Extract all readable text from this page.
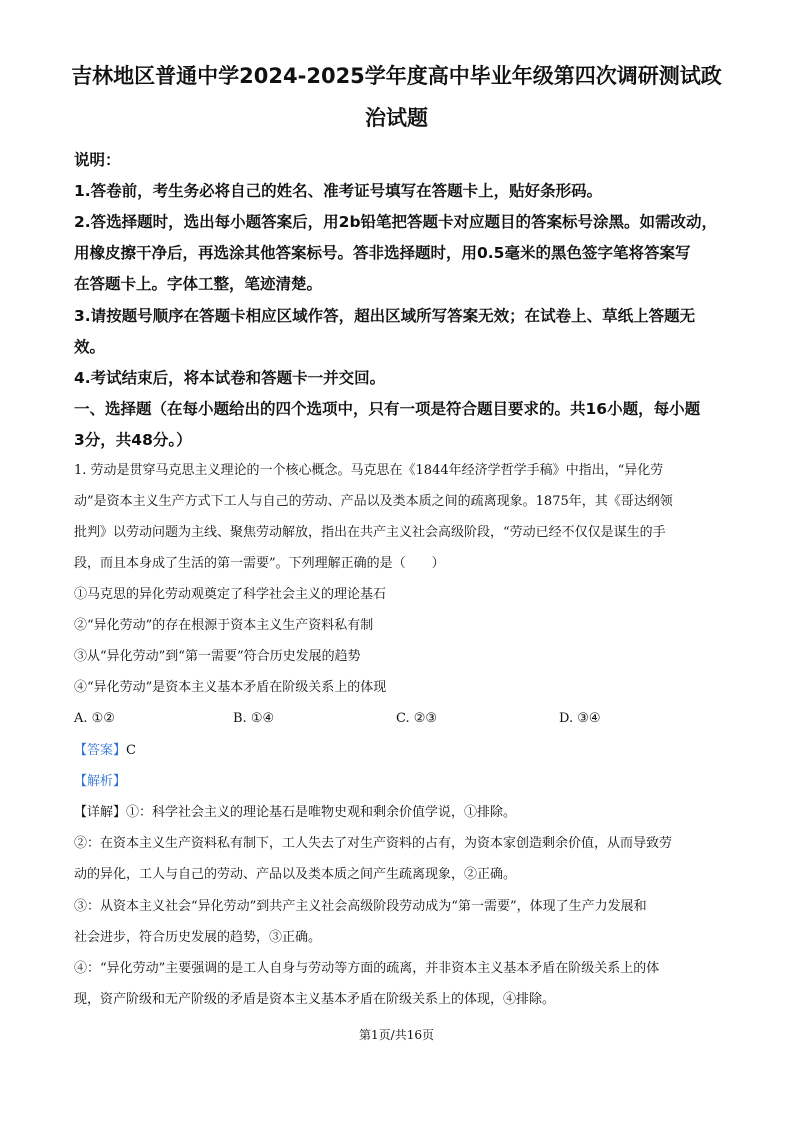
吉林地区普通中学2024-2025学年度高中毕业年级第四次调研测试政
治试题
说明：
1.答卷前，考生务必将自己的姓名、准考证号填写在答题卡上，贴好条形码。
2.答选择题时，选出每小题答案后，用2b铅笔把答题卡对应题目的答案标号涂黑。如需改动，
用橡皮擦干净后，再选涂其他答案标号。答非选择题时，用0.5毫米的黑色签字笔将答案写
在答题卡上。字体工整，笔迹清楚。
3.请按题号顺序在答题卡相应区域作答，超出区域所写答案无效；在试卷上、草纸上答题无
效。
4.考试结束后，将本试卷和答题卡一并交回。
一、选择题（在每小题给出的四个选项中，只有一项是符合题目要求的。共16小题，每小题
3分，共48分。）
1. 劳动是贯穿马克思主义理论的一个核心概念。马克思在《1844年经济学哲学手稿》中指出，“异化劳
动”是资本主义生产方式下工人与自己的劳动、产品以及类本质之间的疏离现象。1875年，其《哥达纲领
批判》以劳动问题为主线、聚焦劳动解放，指出在共产主义社会高级阶段，“劳动已经不仅仅是谋生的手
段，而且本身成了生活的第一需要”。下列理解正确的是（　　）
①马克思的异化劳动观奠定了科学社会主义的理论基石
②“异化劳动”的存在根源于资本主义生产资料私有制
③从“异化劳动”到“第一需要”符合历史发展的趋势
④“异化劳动”是资本主义基本矛盾在阶级关系上的体现
A. ①②	B. ①④	C. ②③	D. ③④
【答案】C
【解析】
【详解】①：科学社会主义的理论基石是唯物史观和剩余价值学说，①排除。
②：在资本主义生产资料私有制下，工人失去了对生产资料的占有，为资本家创造剩余价值，从而导致劳
动的异化，工人与自己的劳动、产品以及类本质之间产生疏离现象，②正确。
③：从资本主义社会“异化劳动”到共产主义社会高级阶段劳动成为“第一需要”，体现了生产力发展和
社会进步，符合历史发展的趋势，③正确。
④：“异化劳动”主要强调的是工人自身与劳动等方面的疏离，并非资本主义基本矛盾在阶级关系上的体
现，资产阶级和无产阶级的矛盾是资本主义基本矛盾在阶级关系上的体现，④排除。
第1页/共16页
